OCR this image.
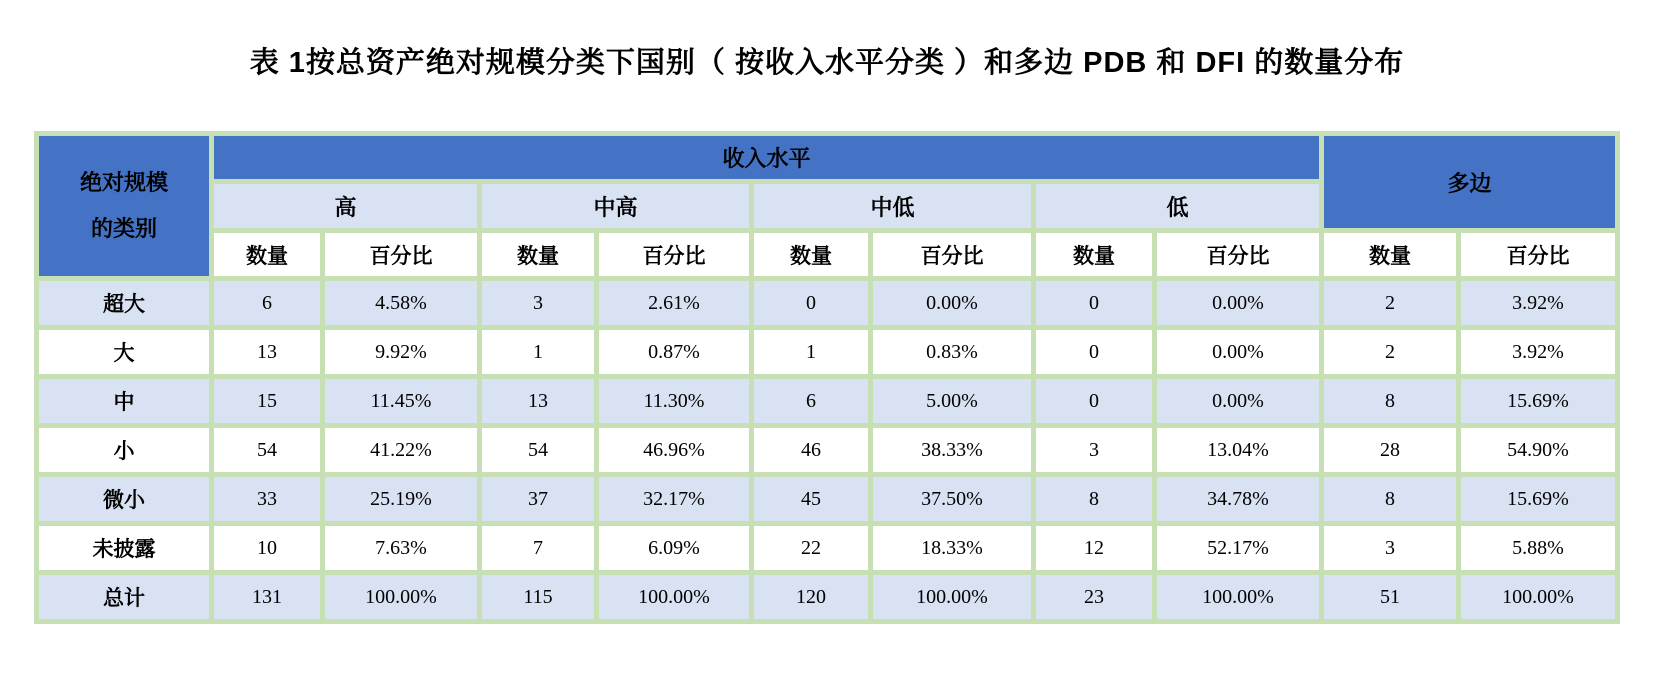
表 1按总资产绝对规模分类下国别（ 按收入水平分类 ）和多边 PDB 和 DFI 的数量分布
绝对规模
的类别	收入水平								多边	
	高		中高		中低		低			
	数量	百分比	数量	百分比	数量	百分比	数量	百分比	数量	百分比
超大	6	4.58%	3	2.61%	0	0.00%	0	0.00%	2	3.92%
大	13	9.92%	1	0.87%	1	0.83%	0	0.00%	2	3.92%
中	15	11.45%	13	11.30%	6	5.00%	0	0.00%	8	15.69%
小	54	41.22%	54	46.96%	46	38.33%	3	13.04%	28	54.90%
微小	33	25.19%	37	32.17%	45	37.50%	8	34.78%	8	15.69%
未披露	10	7.63%	7	6.09%	22	18.33%	12	52.17%	3	5.88%
总计	131	100.00%	115	100.00%	120	100.00%	23	100.00%	51	100.00%
